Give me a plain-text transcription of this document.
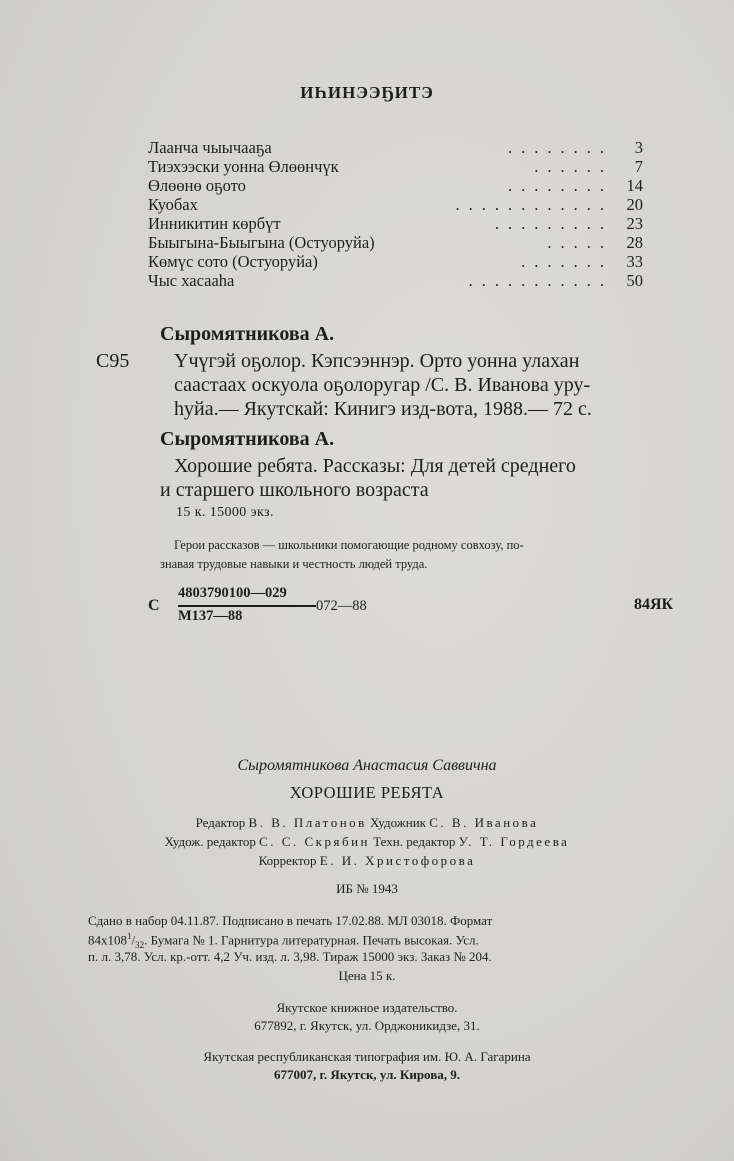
ИҺИНЭЭҔИТЭ
Лаанча чыычааҕа	........	3
Тиэхээски уонна Өлөөнчүк	......	7
Өлөөнө оҕото	........ 14
Куобах	............ 20
Инникитин көрбүт	......... 23
Быыгына-Быыгына (Остуоруйа)	..... 28
Көмүс сото (Остуоруйа)	....... 33
Чыс хасааһа	........... 50
Сыромятникова А.
С95 Үчүгэй оҕолор. Кэпсээннэр. Орто уонна улахан
саастаах оскуола оҕолоругар /С. В. Иванова уру-
һуйа.— Якутскай: Кинигэ изд-вота, 1988.— 72 с.
Сыромятникова А.
Хорошие ребята. Рассказы: Для детей среднего
и старшего школьного возраста
15 к. 15000 экз.
Герои рассказов — школьники помогающие родному совхозу, по-
знавая трудовые навыки и честность людей труда.
С
4803790100—029
М137—88
072—88	84ЯК
Сыромятникова Анастасия Саввична
ХОРОШИЕ РЕБЯТА
Редактор В. В. Платонов Художник С. В. Иванова
Худож. редактор С. С. Скрябин Техн. редактор У. Т. Гордеева
Корректор Е. И. Христофорова
ИБ № 1943
Сдано в набор 04.11.87. Подписано в печать 17.02.88. МЛ 03018. Формат
$84x108^1/_{32}$. Бумага № 1. Гарнитура литературная. Печать высокая. Усл.
п. л. 3,78. Усл. кр.-отт. 4,2 Уч. изд. л. 3,98. Тираж 15000 экз. Заказ № 204.
Цена 15 к.
Якутское книжное издательство.
677892, г. Якутск, ул. Орджоникидзе, 31.
Якутская республиканская типография им. Ю. А. Гагарина
677007, г. Якутск, ул. Кирова, 9.
